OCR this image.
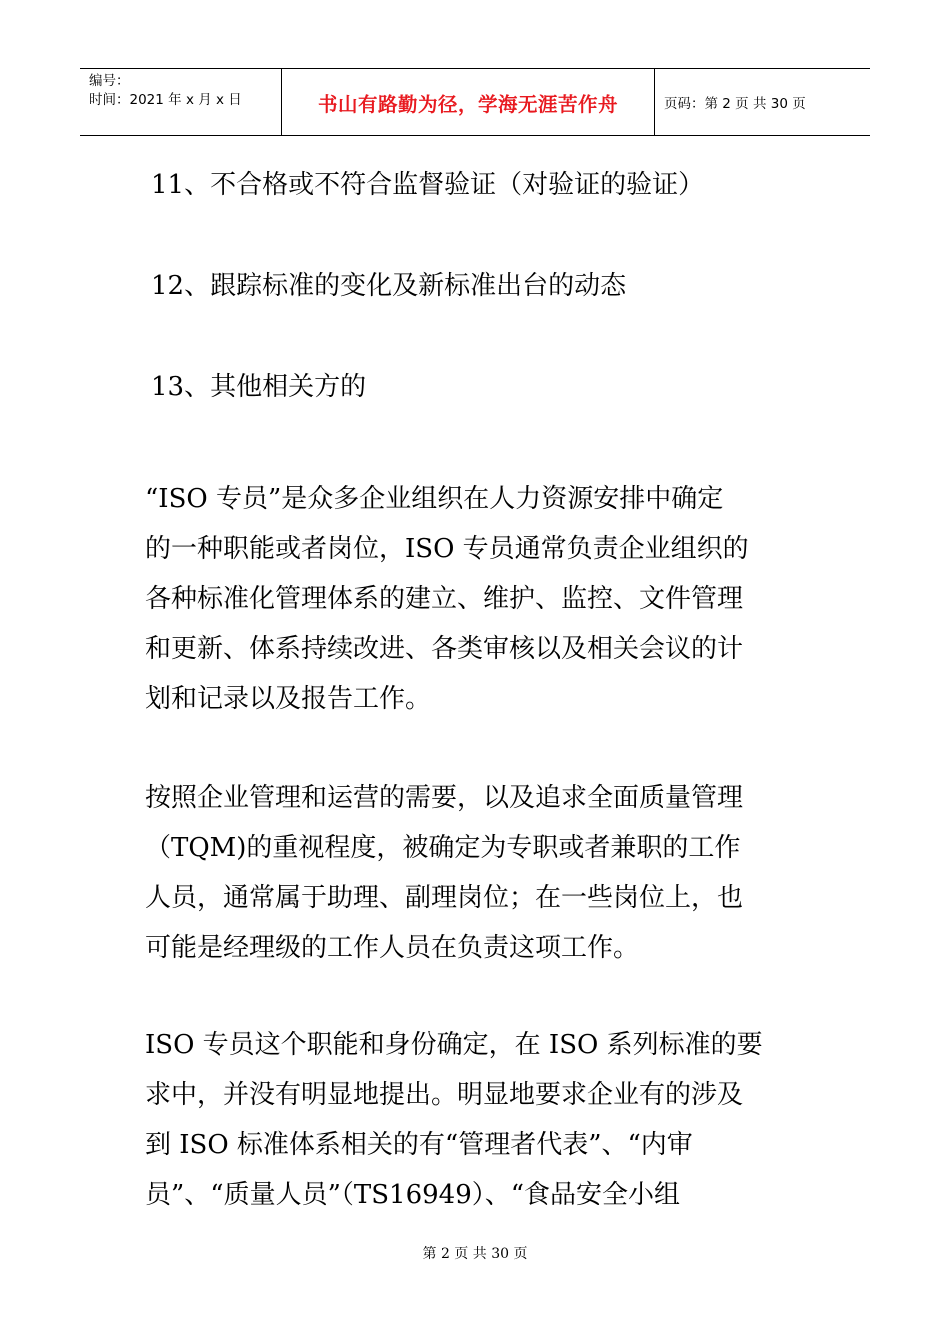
编号：
时间：2021 年 x 月 x 日	书山有路勤为径，学海无涯苦作舟	页码：第 2 页 共 30 页

11、不合格或不符合监督验证（对验证的验证）

12、跟踪标准的变化及新标准出台的动态

13、其他相关方的

“ISO 专员”是众多企业组织在人力资源安排中确定
的一种职能或者岗位，ISO 专员通常负责企业组织的
各种标准化管理体系的建立、维护、监控、文件管理
和更新、体系持续改进、各类审核以及相关会议的计
划和记录以及报告工作。
按照企业管理和运营的需要，以及追求全面质量管理
（TQM)的重视程度，被确定为专职或者兼职的工作
人员，通常属于助理、副理岗位；在一些岗位上，也
可能是经理级的工作人员在负责这项工作。
ISO 专员这个职能和身份确定，在 ISO 系列标准的要
求中，并没有明显地提出。明显地要求企业有的涉及
到 ISO 标准体系相关的有“管理者代表”、“内审
员”、“质量人员”（TS16949）、“食品安全小组
第 2 页 共 30 页
